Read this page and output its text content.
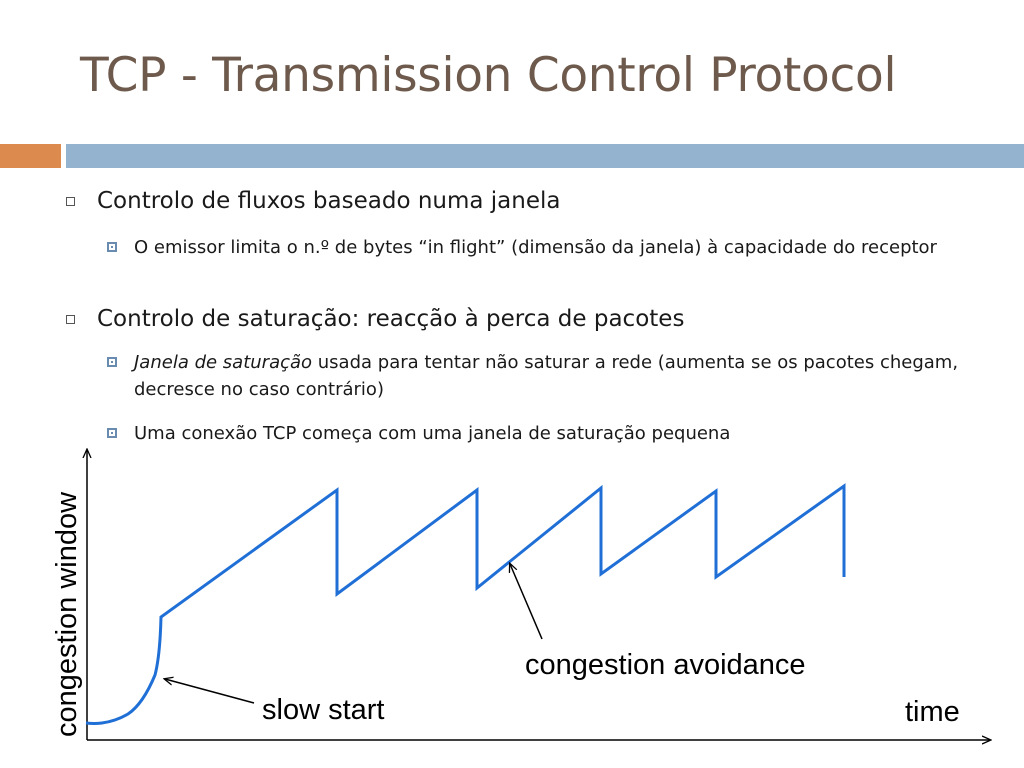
TCP - Transmission Control Protocol
Controlo de fluxos baseado numa janela
O emissor limita o n.º de bytes “in flight” (dimensão da janela) à capacidade do receptor
Controlo de saturação: reacção à perca de pacotes
Janela de saturação usada para tentar não saturar a rede (aumenta se os pacotes chegam, decresce no caso contrário)
Uma conexão TCP começa com uma janela de saturação pequena
congestion window	time
slow start
congestion avoidance
